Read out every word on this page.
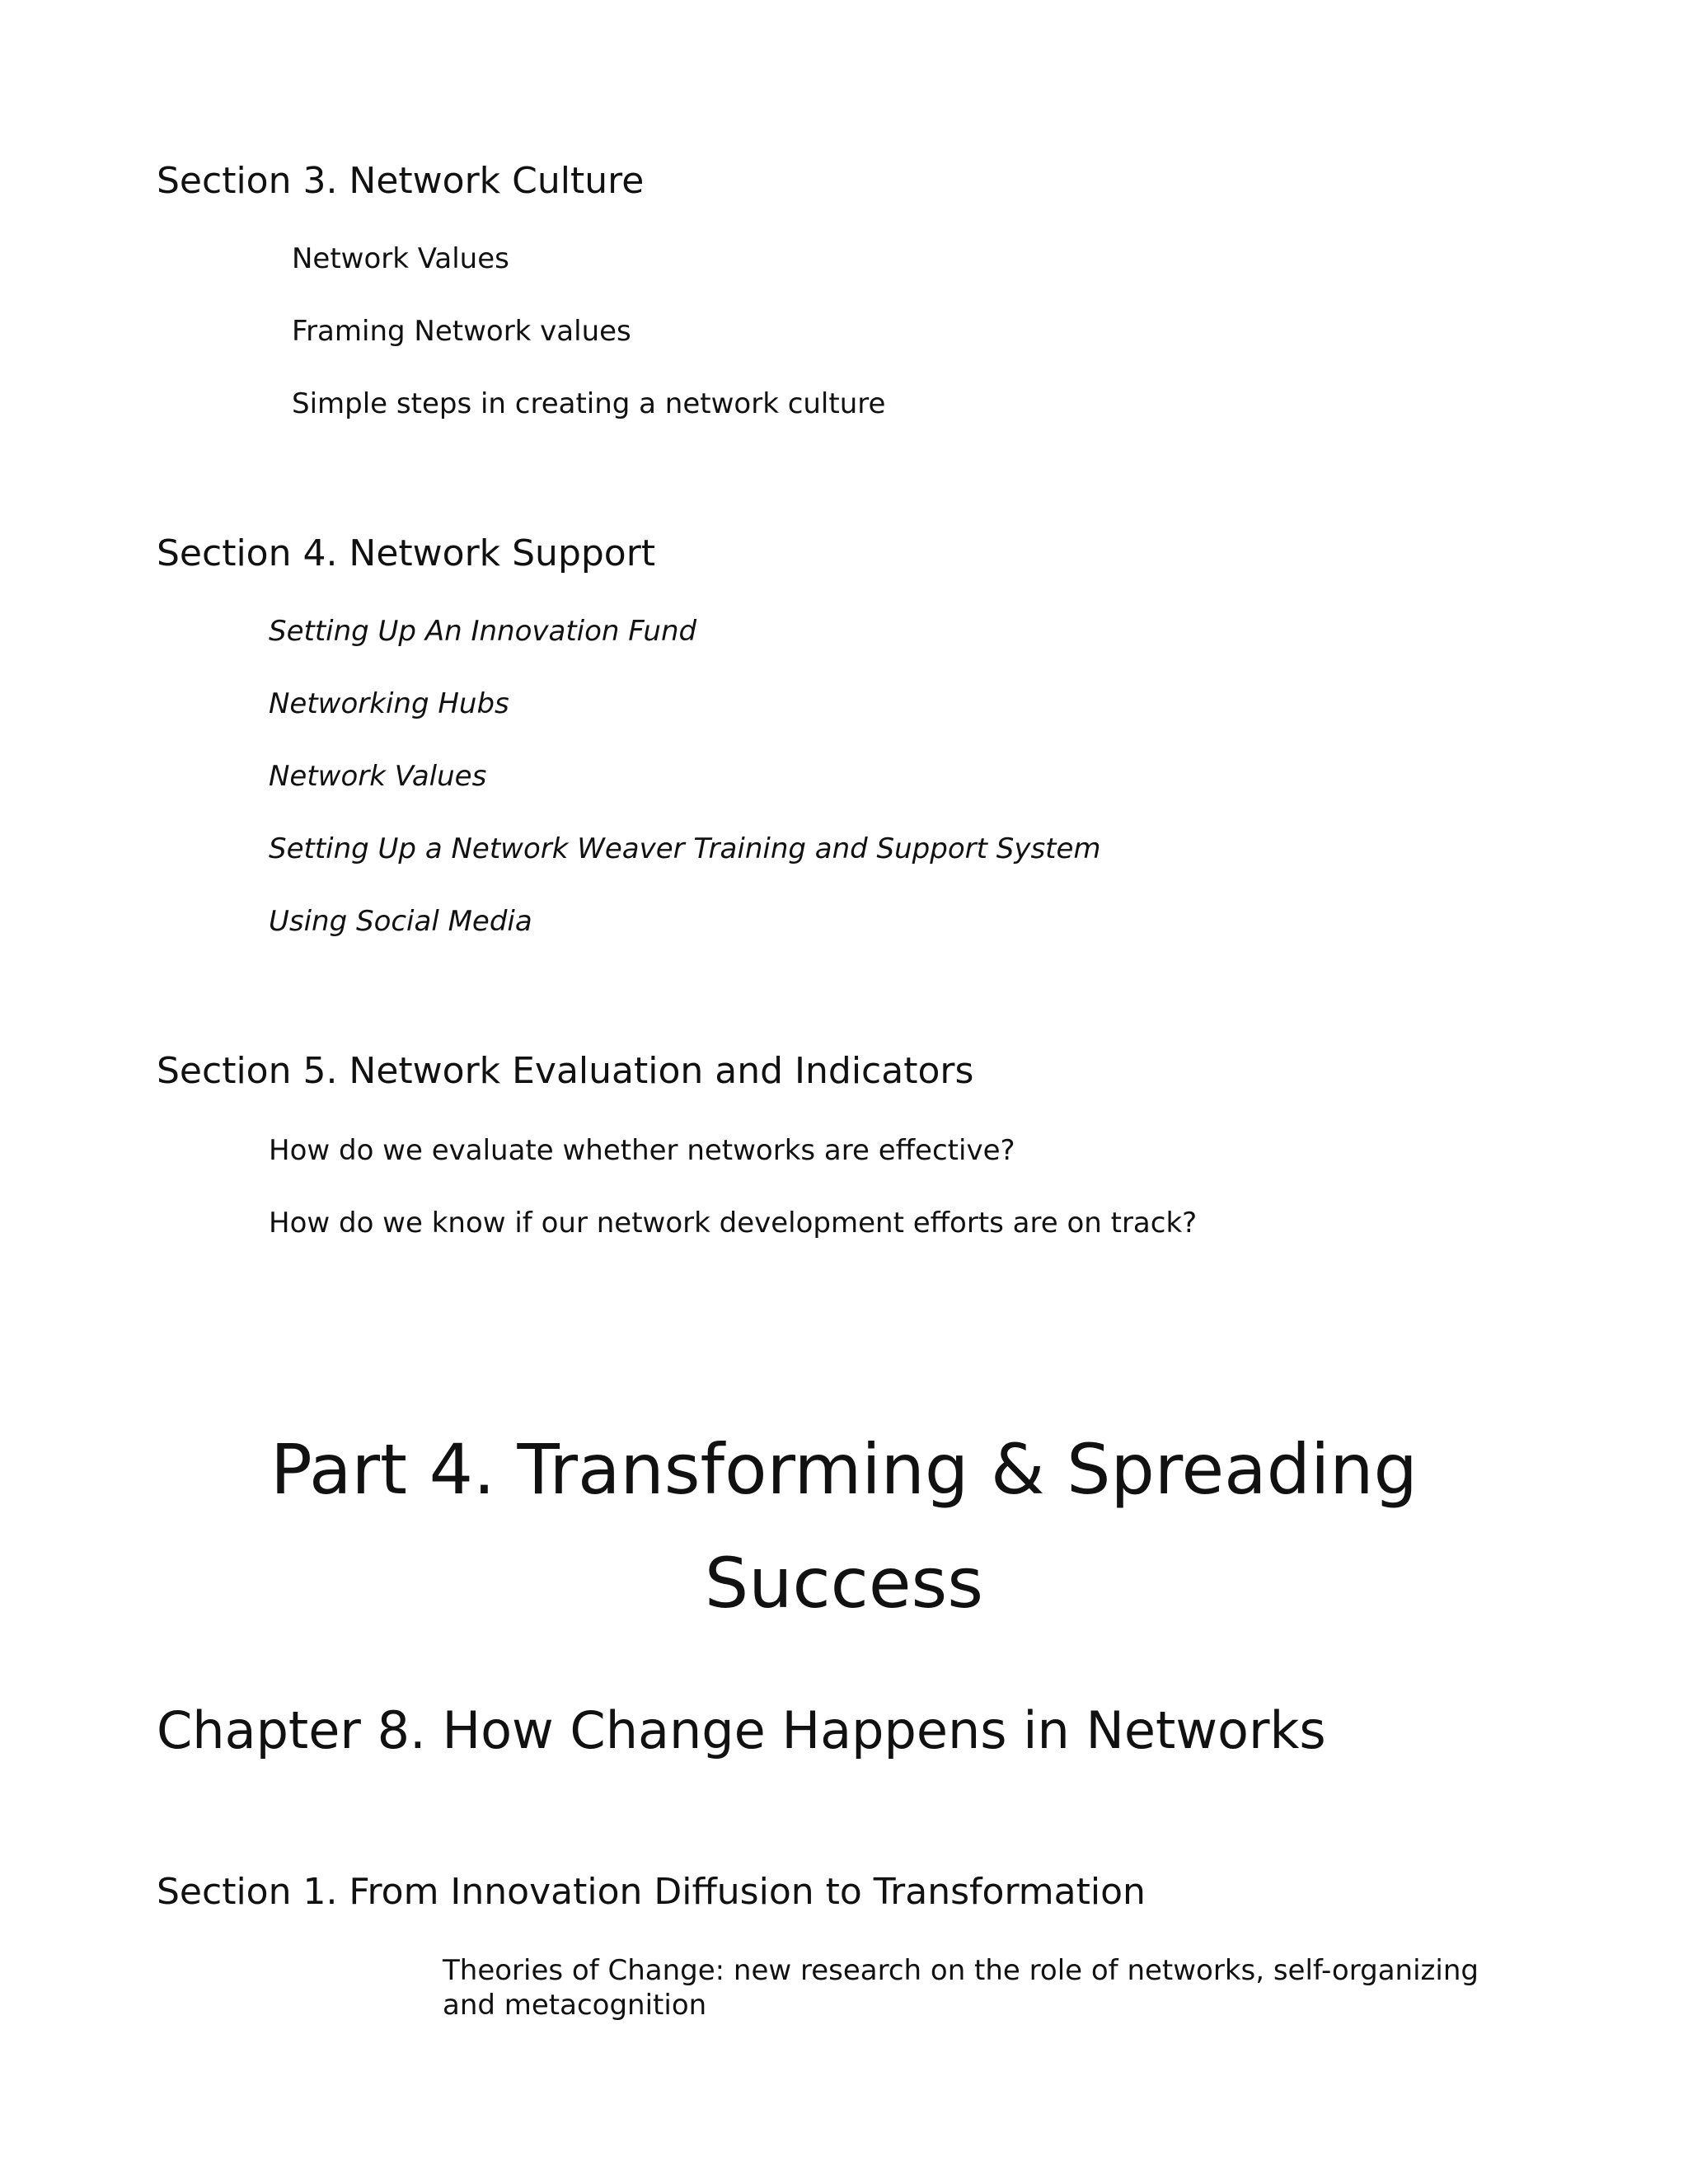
Section 3. Network Culture

Network Values

Framing Network values

Simple steps in creating a network culture

Section 4. Network Support

Setting Up An Innovation Fund

Networking Hubs

Network Values

Setting Up a Network Weaver Training and Support System

Using Social Media

Section 5. Network Evaluation and Indicators

How do we evaluate whether networks are effective?

How do we know if our network development efforts are on track?

Part 4. Transforming & Spreading
Success
Chapter 8. How Change Happens in Networks
Section 1. From Innovation Diffusion to Transformation

Theories of Change: new research on the role of networks, self-organizing and metacognition
